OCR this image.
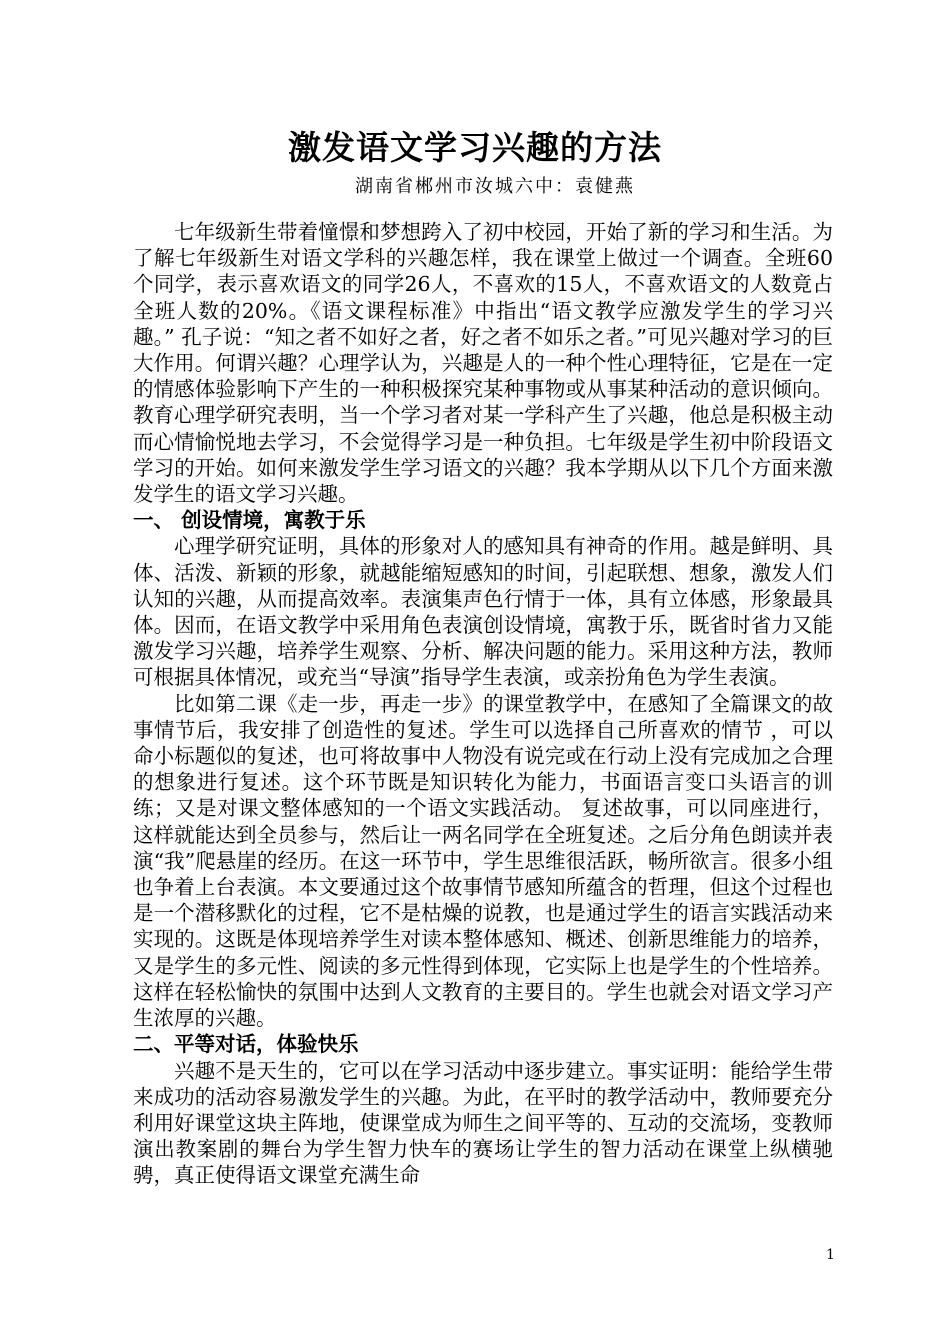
激发语文学习兴趣的方法
湖南省郴州市汝城六中：袁健燕

七年级新生带着憧憬和梦想跨入了初中校园，开始了新的学习和生活。为了解七年级新生对语文学科的兴趣怎样，我在课堂上做过一个调查。全班60个同学，表示喜欢语文的同学26人，不喜欢的15人，不喜欢语文的人数竟占全班人数的20%。《语文课程标准》中指出“语文教学应激发学生的学习兴趣。” 孔子说：“知之者不如好之者，好之者不如乐之者。”可见兴趣对学习的巨大作用。何谓兴趣？心理学认为，兴趣是人的一种个性心理特征，它是在一定的情感体验影响下产生的一种积极探究某种事物或从事某种活动的意识倾向。教育心理学研究表明，当一个学习者对某一学科产生了兴趣，他总是积极主动而心情愉悦地去学习，不会觉得学习是一种负担。七年级是学生初中阶段语文学习的开始。如何来激发学生学习语文的兴趣？我本学期从以下几个方面来激发学生的语文学习兴趣。

一、 创设情境，寓教于乐

心理学研究证明，具体的形象对人的感知具有神奇的作用。越是鲜明、具体、活泼、新颖的形象，就越能缩短感知的时间，引起联想、想象，激发人们认知的兴趣，从而提高效率。表演集声色行情于一体，具有立体感，形象最具体。因而，在语文教学中采用角色表演创设情境，寓教于乐，既省时省力又能激发学习兴趣，培养学生观察、分析、解决问题的能力。采用这种方法，教师可根据具体情况，或充当“导演”指导学生表演，或亲扮角色为学生表演。

比如第二课《走一步，再走一步》的课堂教学中，在感知了全篇课文的故事情节后，我安排了创造性的复述。学生可以选择自己所喜欢的情节 ，可以命小标题似的复述，也可将故事中人物没有说完或在行动上没有完成加之合理的想象进行复述。这个环节既是知识转化为能力，书面语言变口头语言的训练；又是对课文整体感知的一个语文实践活动。 复述故事，可以同座进行，这样就能达到全员参与，然后让一两名同学在全班复述。之后分角色朗读并表演“我”爬悬崖的经历。在这一环节中，学生思维很活跃，畅所欲言。很多小组也争着上台表演。本文要通过这个故事情节感知所蕴含的哲理，但这个过程也是一个潜移默化的过程，它不是枯燥的说教，也是通过学生的语言实践活动来实现的。这既是体现培养学生对读本整体感知、概述、创新思维能力的培养，又是学生的多元性、阅读的多元性得到体现，它实际上也是学生的个性培养。这样在轻松愉快的氛围中达到人文教育的主要目的。学生也就会对语文学习产生浓厚的兴趣。

二、平等对话，体验快乐

兴趣不是天生的，它可以在学习活动中逐步建立。事实证明：能给学生带来成功的活动容易激发学生的兴趣。为此，在平时的教学活动中，教师要充分利用好课堂这块主阵地，使课堂成为师生之间平等的、互动的交流场，变教师演出教案剧的舞台为学生智力快车的赛场让学生的智力活动在课堂上纵横驰骋，真正使得语文课堂充满生命

1
